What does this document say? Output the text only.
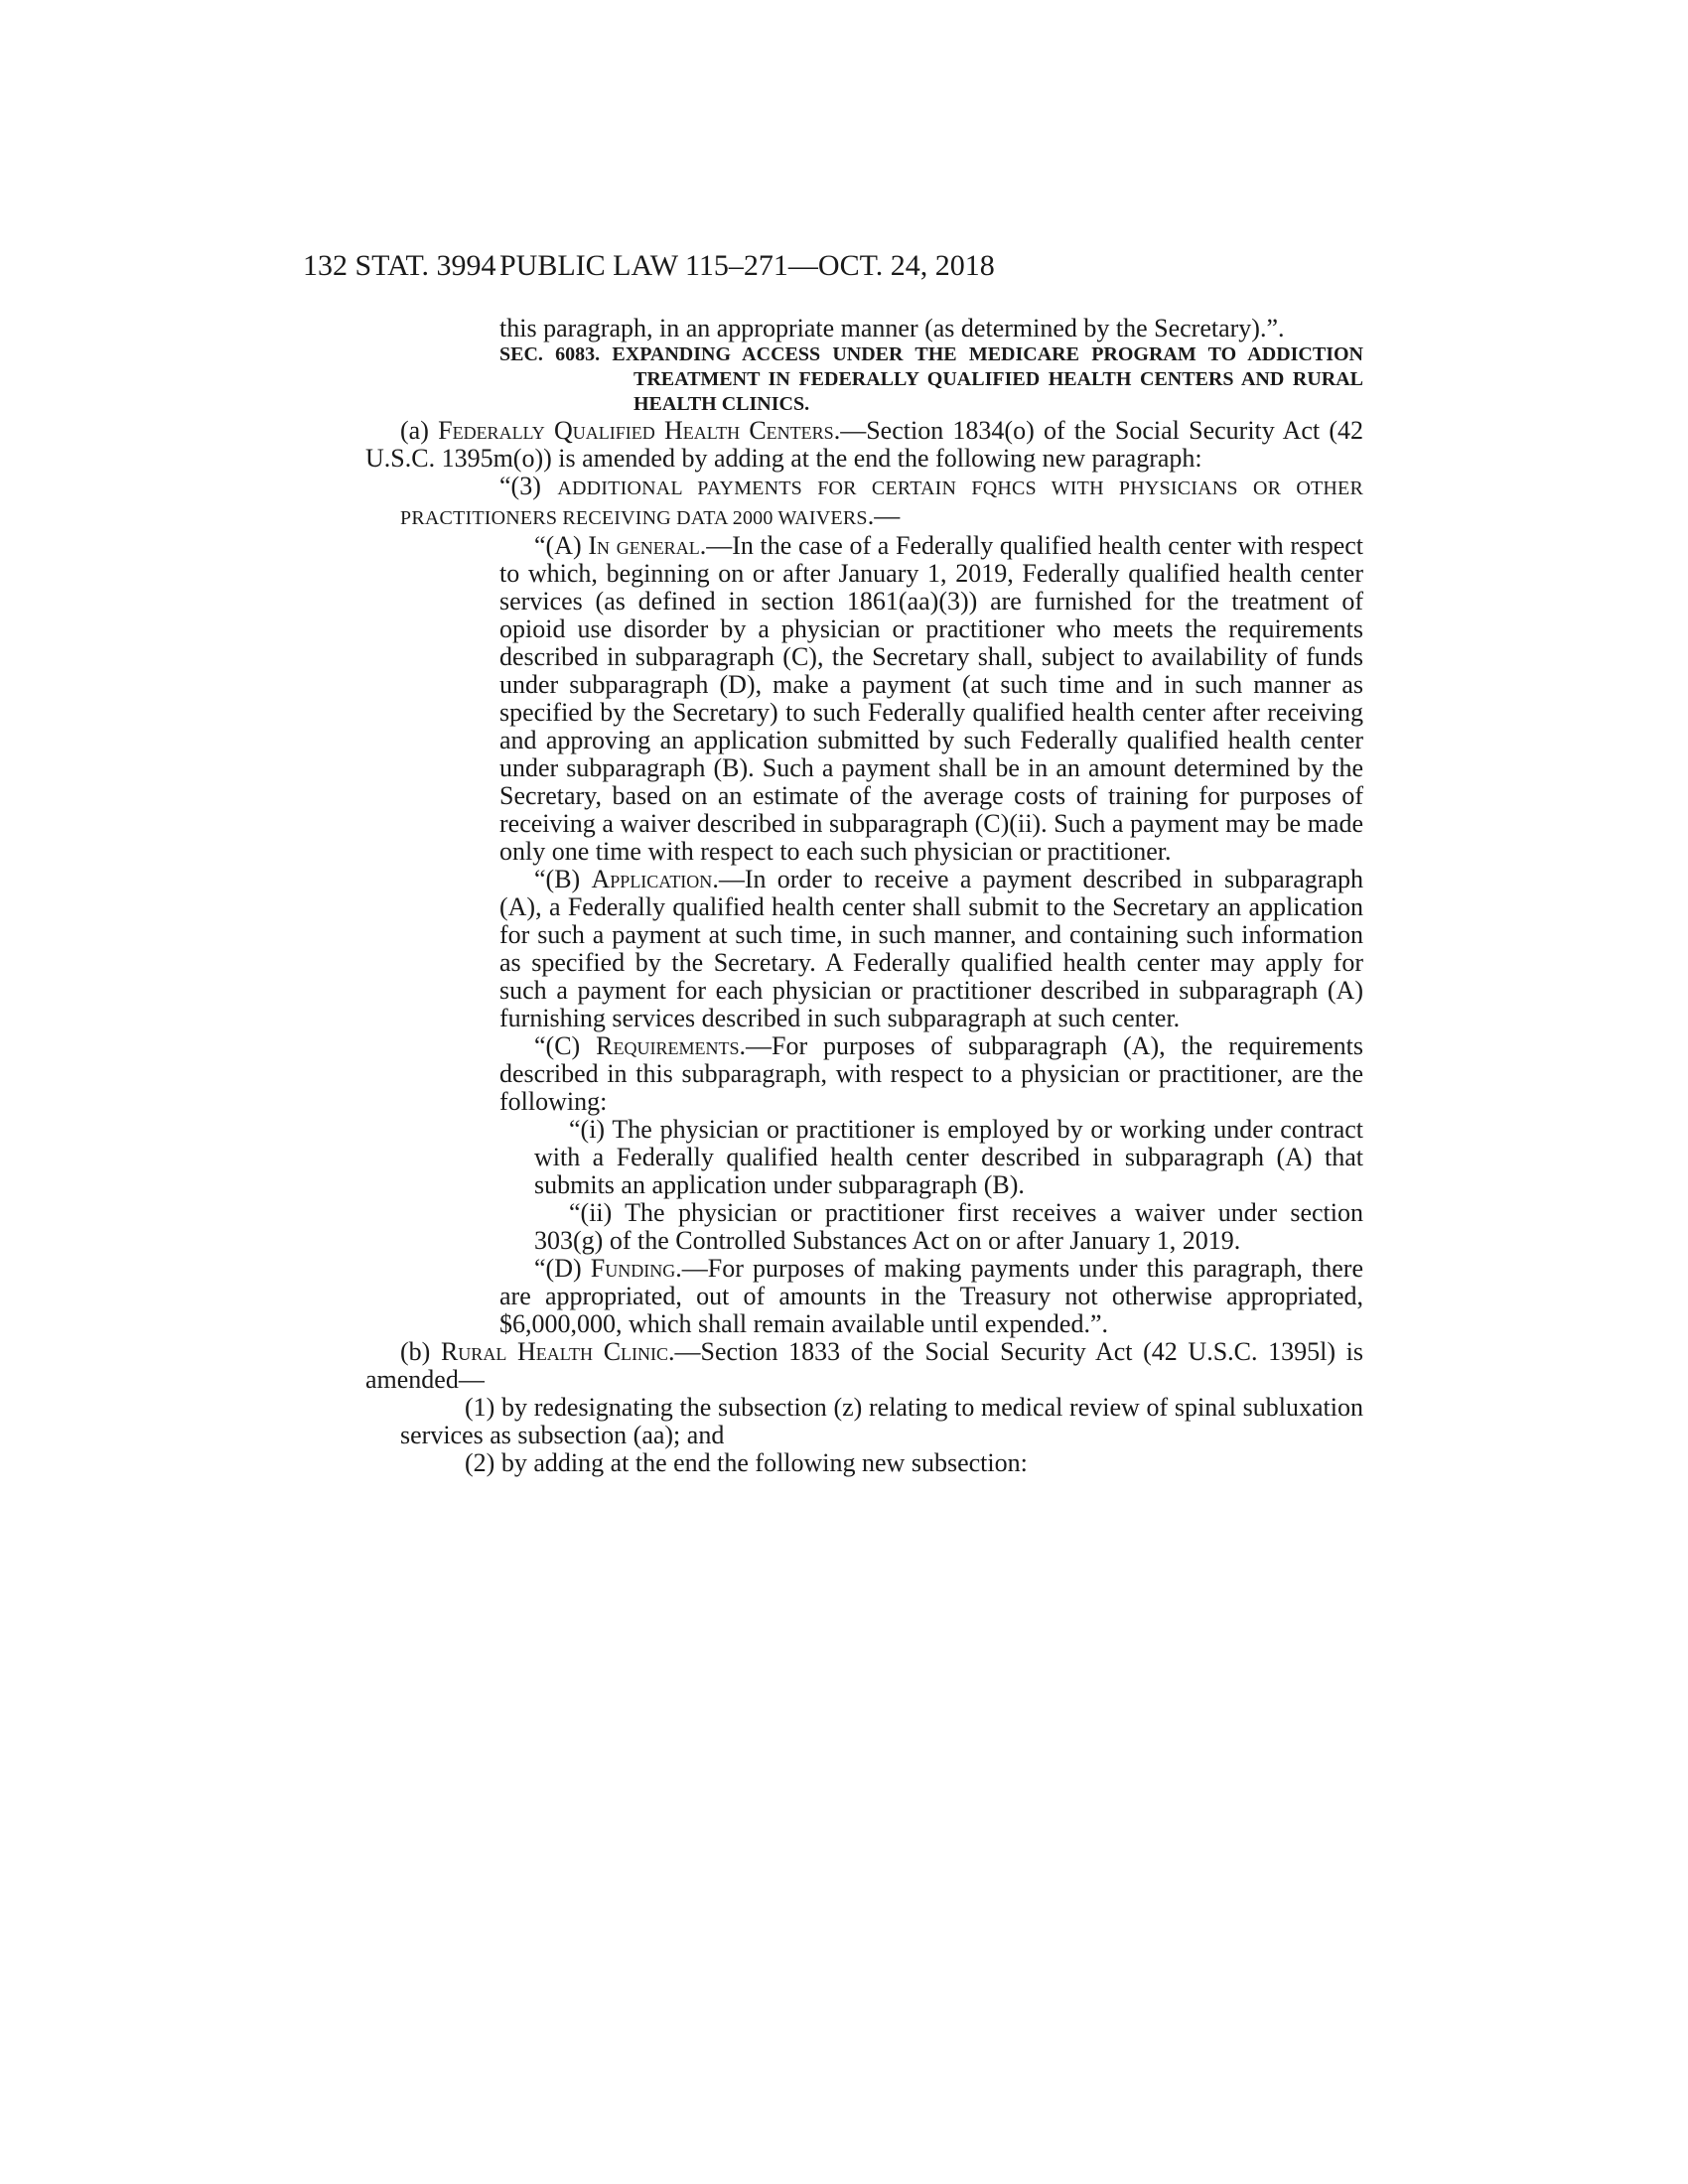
132 STAT. 3994 PUBLIC LAW 115–271—OCT. 24, 2018

this paragraph, in an appropriate manner (as determined by the Secretary).”.

SEC. 6083. EXPANDING ACCESS UNDER THE MEDICARE PROGRAM TO ADDICTION TREATMENT IN FEDERALLY QUALIFIED HEALTH CENTERS AND RURAL HEALTH CLINICS.

(a) Federally Qualified Health Centers.—Section 1834(o) of the Social Security Act (42 U.S.C. 1395m(o)) is amended by adding at the end the following new paragraph:

“(3) ADDITIONAL PAYMENTS FOR CERTAIN FQHCS WITH PHYSICIANS OR OTHER PRACTITIONERS RECEIVING DATA 2000 WAIVERS.—

“(A) In general.—In the case of a Federally qualified health center with respect to which, beginning on or after January 1, 2019, Federally qualified health center services (as defined in section 1861(aa)(3)) are furnished for the treatment of opioid use disorder by a physician or practitioner who meets the requirements described in subparagraph (C), the Secretary shall, subject to availability of funds under subparagraph (D), make a payment (at such time and in such manner as specified by the Secretary) to such Federally qualified health center after receiving and approving an application submitted by such Federally qualified health center under subparagraph (B). Such a payment shall be in an amount determined by the Secretary, based on an estimate of the average costs of training for purposes of receiving a waiver described in subparagraph (C)(ii). Such a payment may be made only one time with respect to each such physician or practitioner.

“(B) Application.—In order to receive a payment described in subparagraph (A), a Federally qualified health center shall submit to the Secretary an application for such a payment at such time, in such manner, and containing such information as specified by the Secretary. A Federally qualified health center may apply for such a payment for each physician or practitioner described in subparagraph (A) furnishing services described in such subparagraph at such center.

“(C) Requirements.—For purposes of subparagraph (A), the requirements described in this subparagraph, with respect to a physician or practitioner, are the following:

“(i) The physician or practitioner is employed by or working under contract with a Federally qualified health center described in subparagraph (A) that submits an application under subparagraph (B).

“(ii) The physician or practitioner first receives a waiver under section 303(g) of the Controlled Substances Act on or after January 1, 2019.

“(D) Funding.—For purposes of making payments under this paragraph, there are appropriated, out of amounts in the Treasury not otherwise appropriated, $6,000,000, which shall remain available until expended.”.

(b) Rural Health Clinic.—Section 1833 of the Social Security Act (42 U.S.C. 1395l) is amended—

(1) by redesignating the subsection (z) relating to medical review of spinal subluxation services as subsection (aa); and

(2) by adding at the end the following new subsection:
